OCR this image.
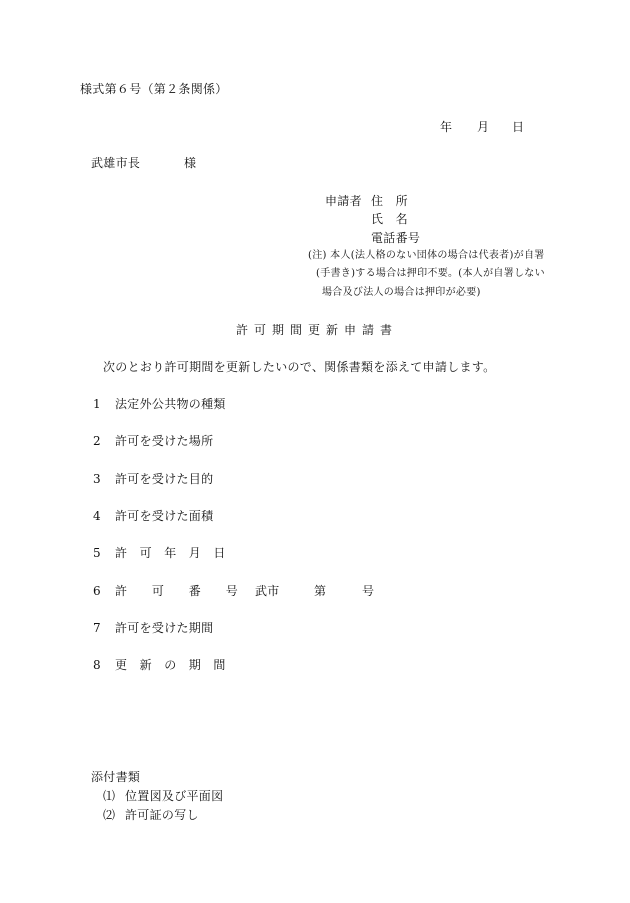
様式第６号（第２条関係）
年 月 日
武雄市長	様
申請者 住　所
氏　名
電話番号
(注) 本人(法人格のない団体の場合は代表者)が自署
(手書き)する場合は押印不要。(本人が自署しない
場合及び法人の場合は押印が必要)
許可期間更新申請書
次のとおり許可期間を更新したいので、関係書類を添えて申請します。
1 法定外公共物の種類
2 許可を受けた場所
3 許可を受けた目的
4 許可を受けた面積
5 許　可　年　月　日
6 許　　可　　番　　号 武市	第	号
7 許可を受けた期間
8 更　新　の　期　間
添付書類
⑴ 位置図及び平面図
⑵ 許可証の写し
